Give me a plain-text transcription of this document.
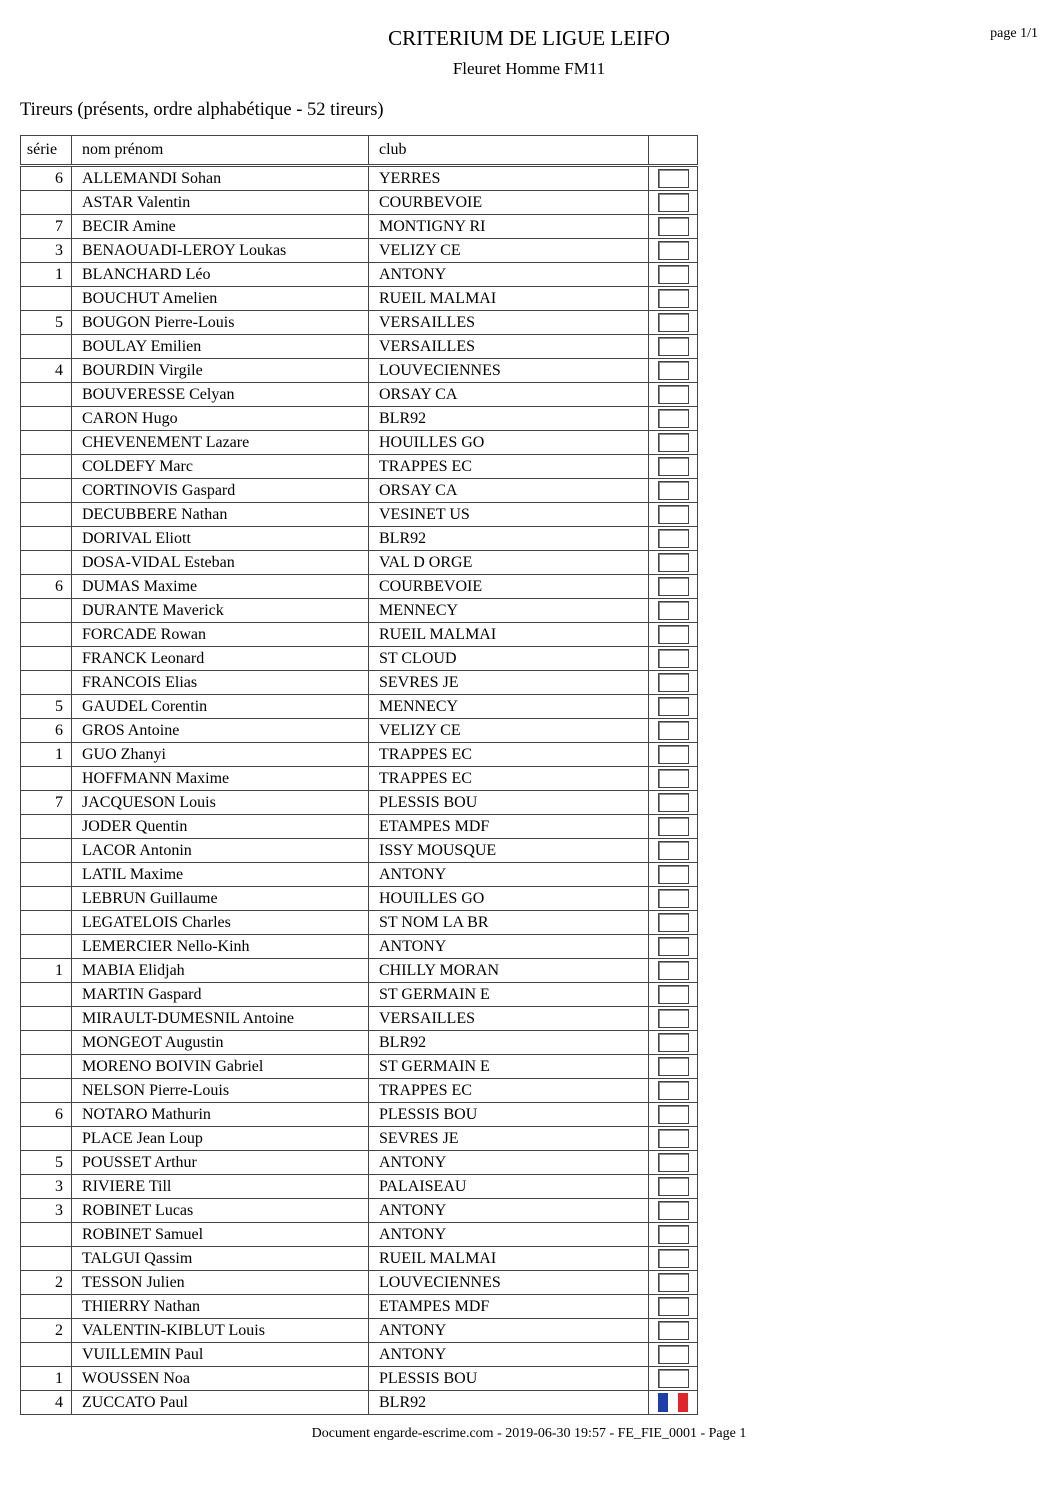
CRITERIUM DE LIGUE LEIFO
Fleuret Homme FM11
page 1/1
Tireurs (présents, ordre alphabétique - 52 tireurs)
série	nom prénom	club	
6	ALLEMANDI Sohan	YERRES	

	ASTAR Valentin	COURBEVOIE	

7	BECIR Amine	MONTIGNY RI	

3	BENAOUADI-LEROY Loukas	VELIZY CE	

1	BLANCHARD Léo	ANTONY	

	BOUCHUT Amelien	RUEIL MALMAI	

5	BOUGON Pierre-Louis	VERSAILLES	

	BOULAY Emilien	VERSAILLES	

4	BOURDIN Virgile	LOUVECIENNES	

	BOUVERESSE Celyan	ORSAY CA	

	CARON Hugo	BLR92	

	CHEVENEMENT Lazare	HOUILLES GO	

	COLDEFY Marc	TRAPPES EC	

	CORTINOVIS Gaspard	ORSAY CA	

	DECUBBERE Nathan	VESINET US	

	DORIVAL Eliott	BLR92	

	DOSA-VIDAL Esteban	VAL D ORGE	

6	DUMAS Maxime	COURBEVOIE	

	DURANTE Maverick	MENNECY	

	FORCADE Rowan	RUEIL MALMAI	

	FRANCK Leonard	ST CLOUD	

	FRANCOIS Elias	SEVRES JE	

5	GAUDEL Corentin	MENNECY	

6	GROS Antoine	VELIZY CE	

1	GUO Zhanyi	TRAPPES EC	

	HOFFMANN Maxime	TRAPPES EC	

7	JACQUESON Louis	PLESSIS BOU	

	JODER Quentin	ETAMPES MDF	

	LACOR Antonin	ISSY MOUSQUE	

	LATIL Maxime	ANTONY	

	LEBRUN Guillaume	HOUILLES GO	

	LEGATELOIS Charles	ST NOM LA BR	

	LEMERCIER Nello-Kinh	ANTONY	

1	MABIA Elidjah	CHILLY MORAN	

	MARTIN Gaspard	ST GERMAIN E	

	MIRAULT-DUMESNIL Antoine	VERSAILLES	

	MONGEOT Augustin	BLR92	

	MORENO BOIVIN Gabriel	ST GERMAIN E	

	NELSON Pierre-Louis	TRAPPES EC	

6	NOTARO Mathurin	PLESSIS BOU	

	PLACE Jean Loup	SEVRES JE	

5	POUSSET Arthur	ANTONY	

3	RIVIERE Till	PALAISEAU	

3	ROBINET Lucas	ANTONY	

	ROBINET Samuel	ANTONY	

	TALGUI Qassim	RUEIL MALMAI	

2	TESSON Julien	LOUVECIENNES	

	THIERRY Nathan	ETAMPES MDF	

2	VALENTIN-KIBLUT Louis	ANTONY	

	VUILLEMIN Paul	ANTONY	

1	WOUSSEN Noa	PLESSIS BOU	

4	ZUCCATO Paul	BLR92	
Document engarde-escrime.com - 2019-06-30 19:57 - FE_FIE_0001 - Page 1
